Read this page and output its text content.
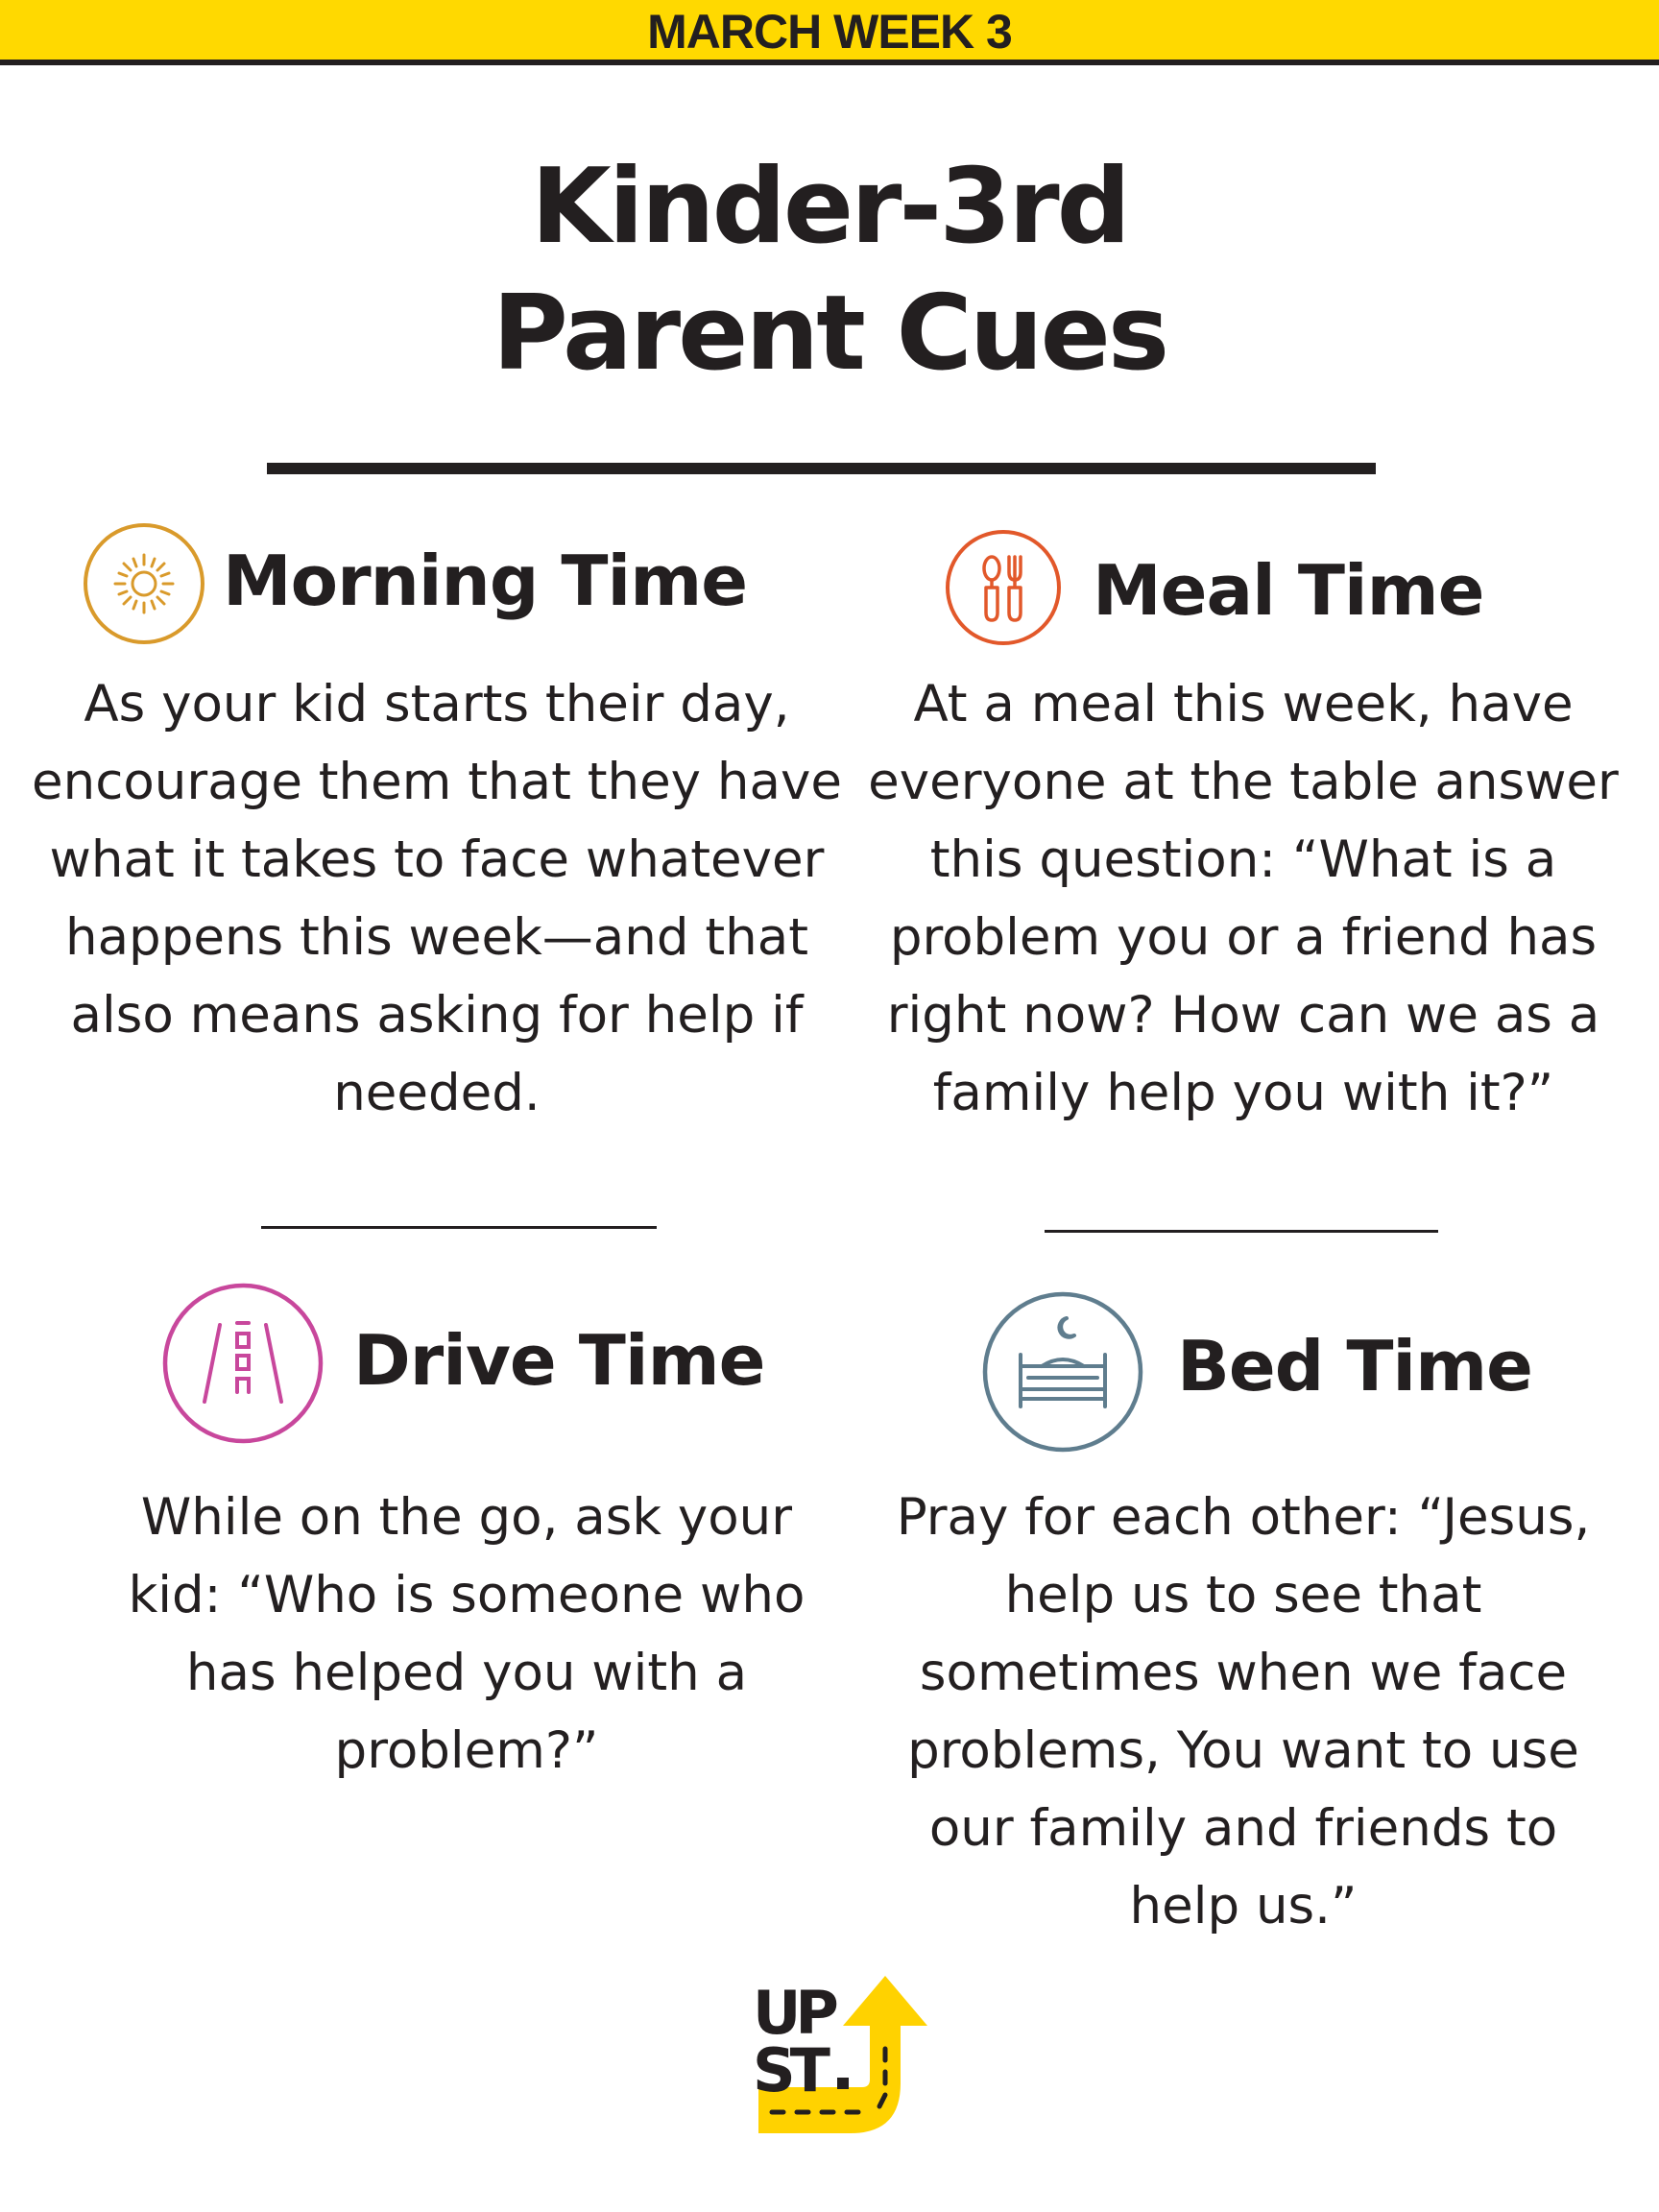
MARCH WEEK 3
Kinder-3rd
Parent Cues
Morning Time
As your kid starts their day,
encourage them that they have
what it takes to face whatever
happens this week—and that
also means asking for help if
needed.
Meal Time
At a meal this week, have
everyone at the table answer
this question: “What is a
problem you or a friend has
right now? How can we as a
family help you with it?”
Drive Time
While on the go, ask your
kid: “Who is someone who
has helped you with a
problem?”
Bed Time
Pray for each other: “Jesus,
help us to see that
sometimes when we face
problems, You want to use
our family and friends to
help us.”
UP
ST
